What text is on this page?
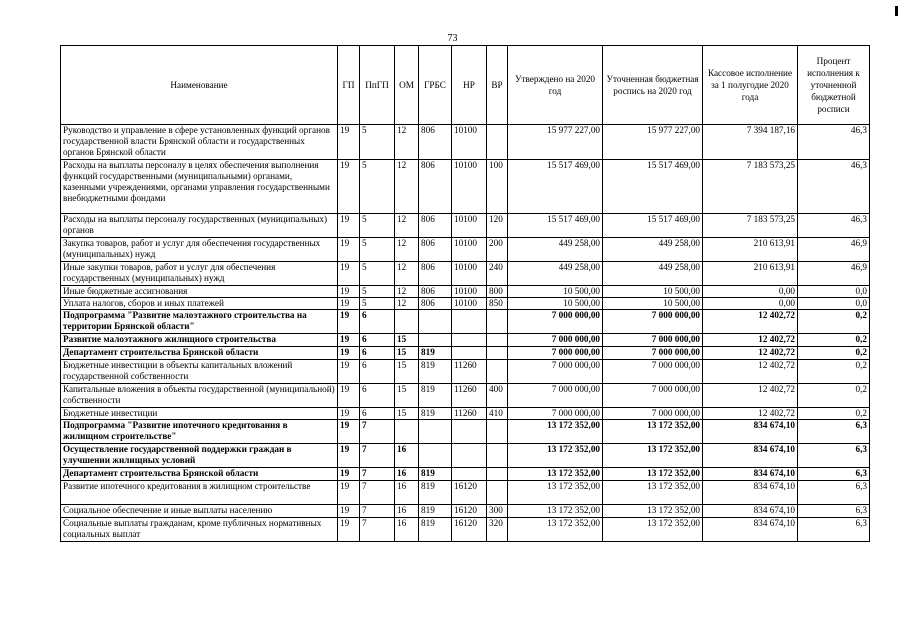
73
Наименование	ГП	ПпГП	ОМ	ГРБС	НР	ВР	Утверждено на 2020 год	Уточненная бюджетная роспись на 2020 год	Кассовое исполнение за 1 полугодие 2020 года	Процент исполнения к уточненной бюджетной росписи
Руководство и управление в сфере установленных функций органов государственной власти Брянской области и государственных органов Брянской области	19	5	12	806	10100		15 977 227,00	15 977 227,00	7 394 187,16	46,3
Расходы на выплаты персоналу в целях обеспечения выполнения функций государственными (муниципальными) органами, казенными учреждениями, органами управления государственными внебюджетными фондами	19	5	12	806	10100	100	15 517 469,00	15 517 469,00	7 183 573,25	46,3
Расходы на выплаты персоналу государственных (муниципальных) органов	19	5	12	806	10100	120	15 517 469,00	15 517 469,00	7 183 573,25	46,3
Закупка товаров, работ и услуг для обеспечения государственных (муниципальных) нужд	19	5	12	806	10100	200	449 258,00	449 258,00	210 613,91	46,9
Иные закупки товаров, работ и услуг для обеспечения государственных (муниципальных) нужд	19	5	12	806	10100	240	449 258,00	449 258,00	210 613,91	46,9
Иные бюджетные ассигнования	19	5	12	806	10100	800	10 500,00	10 500,00	0,00	0,0
Уплата налогов, сборов и иных платежей	19	5	12	806	10100	850	10 500,00	10 500,00	0,00	0,0
Подпрограмма "Развитие малоэтажного строительства на территории Брянской области"	19	6					7 000 000,00	7 000 000,00	12 402,72	0,2
Развитие малоэтажного жилищного строительства	19	6	15				7 000 000,00	7 000 000,00	12 402,72	0,2
Департамент строительства Брянской области	19	6	15	819			7 000 000,00	7 000 000,00	12 402,72	0,2
Бюджетные инвестиции в объекты капитальных вложений государственной собственности	19	6	15	819	11260		7 000 000,00	7 000 000,00	12 402,72	0,2
Капитальные вложения в объекты государственной (муниципальной) собственности	19	6	15	819	11260	400	7 000 000,00	7 000 000,00	12 402,72	0,2
Бюджетные инвестиции	19	6	15	819	11260	410	7 000 000,00	7 000 000,00	12 402,72	0,2
Подпрограмма "Развитие ипотечного кредитования в жилищном строительстве"	19	7					13 172 352,00	13 172 352,00	834 674,10	6,3
Осуществление государственной поддержки граждан в улучшении жилищных условий	19	7	16				13 172 352,00	13 172 352,00	834 674,10	6,3
Департамент строительства Брянской области	19	7	16	819			13 172 352,00	13 172 352,00	834 674,10	6,3
Развитие ипотечного кредитования в жилищном строительстве	19	7	16	819	16120		13 172 352,00	13 172 352,00	834 674,10	6,3
Социальное обеспечение и иные выплаты населению	19	7	16	819	16120	300	13 172 352,00	13 172 352,00	834 674,10	6,3
Социальные выплаты гражданам, кроме публичных нормативных социальных выплат	19	7	16	819	16120	320	13 172 352,00	13 172 352,00	834 674,10	6,3
